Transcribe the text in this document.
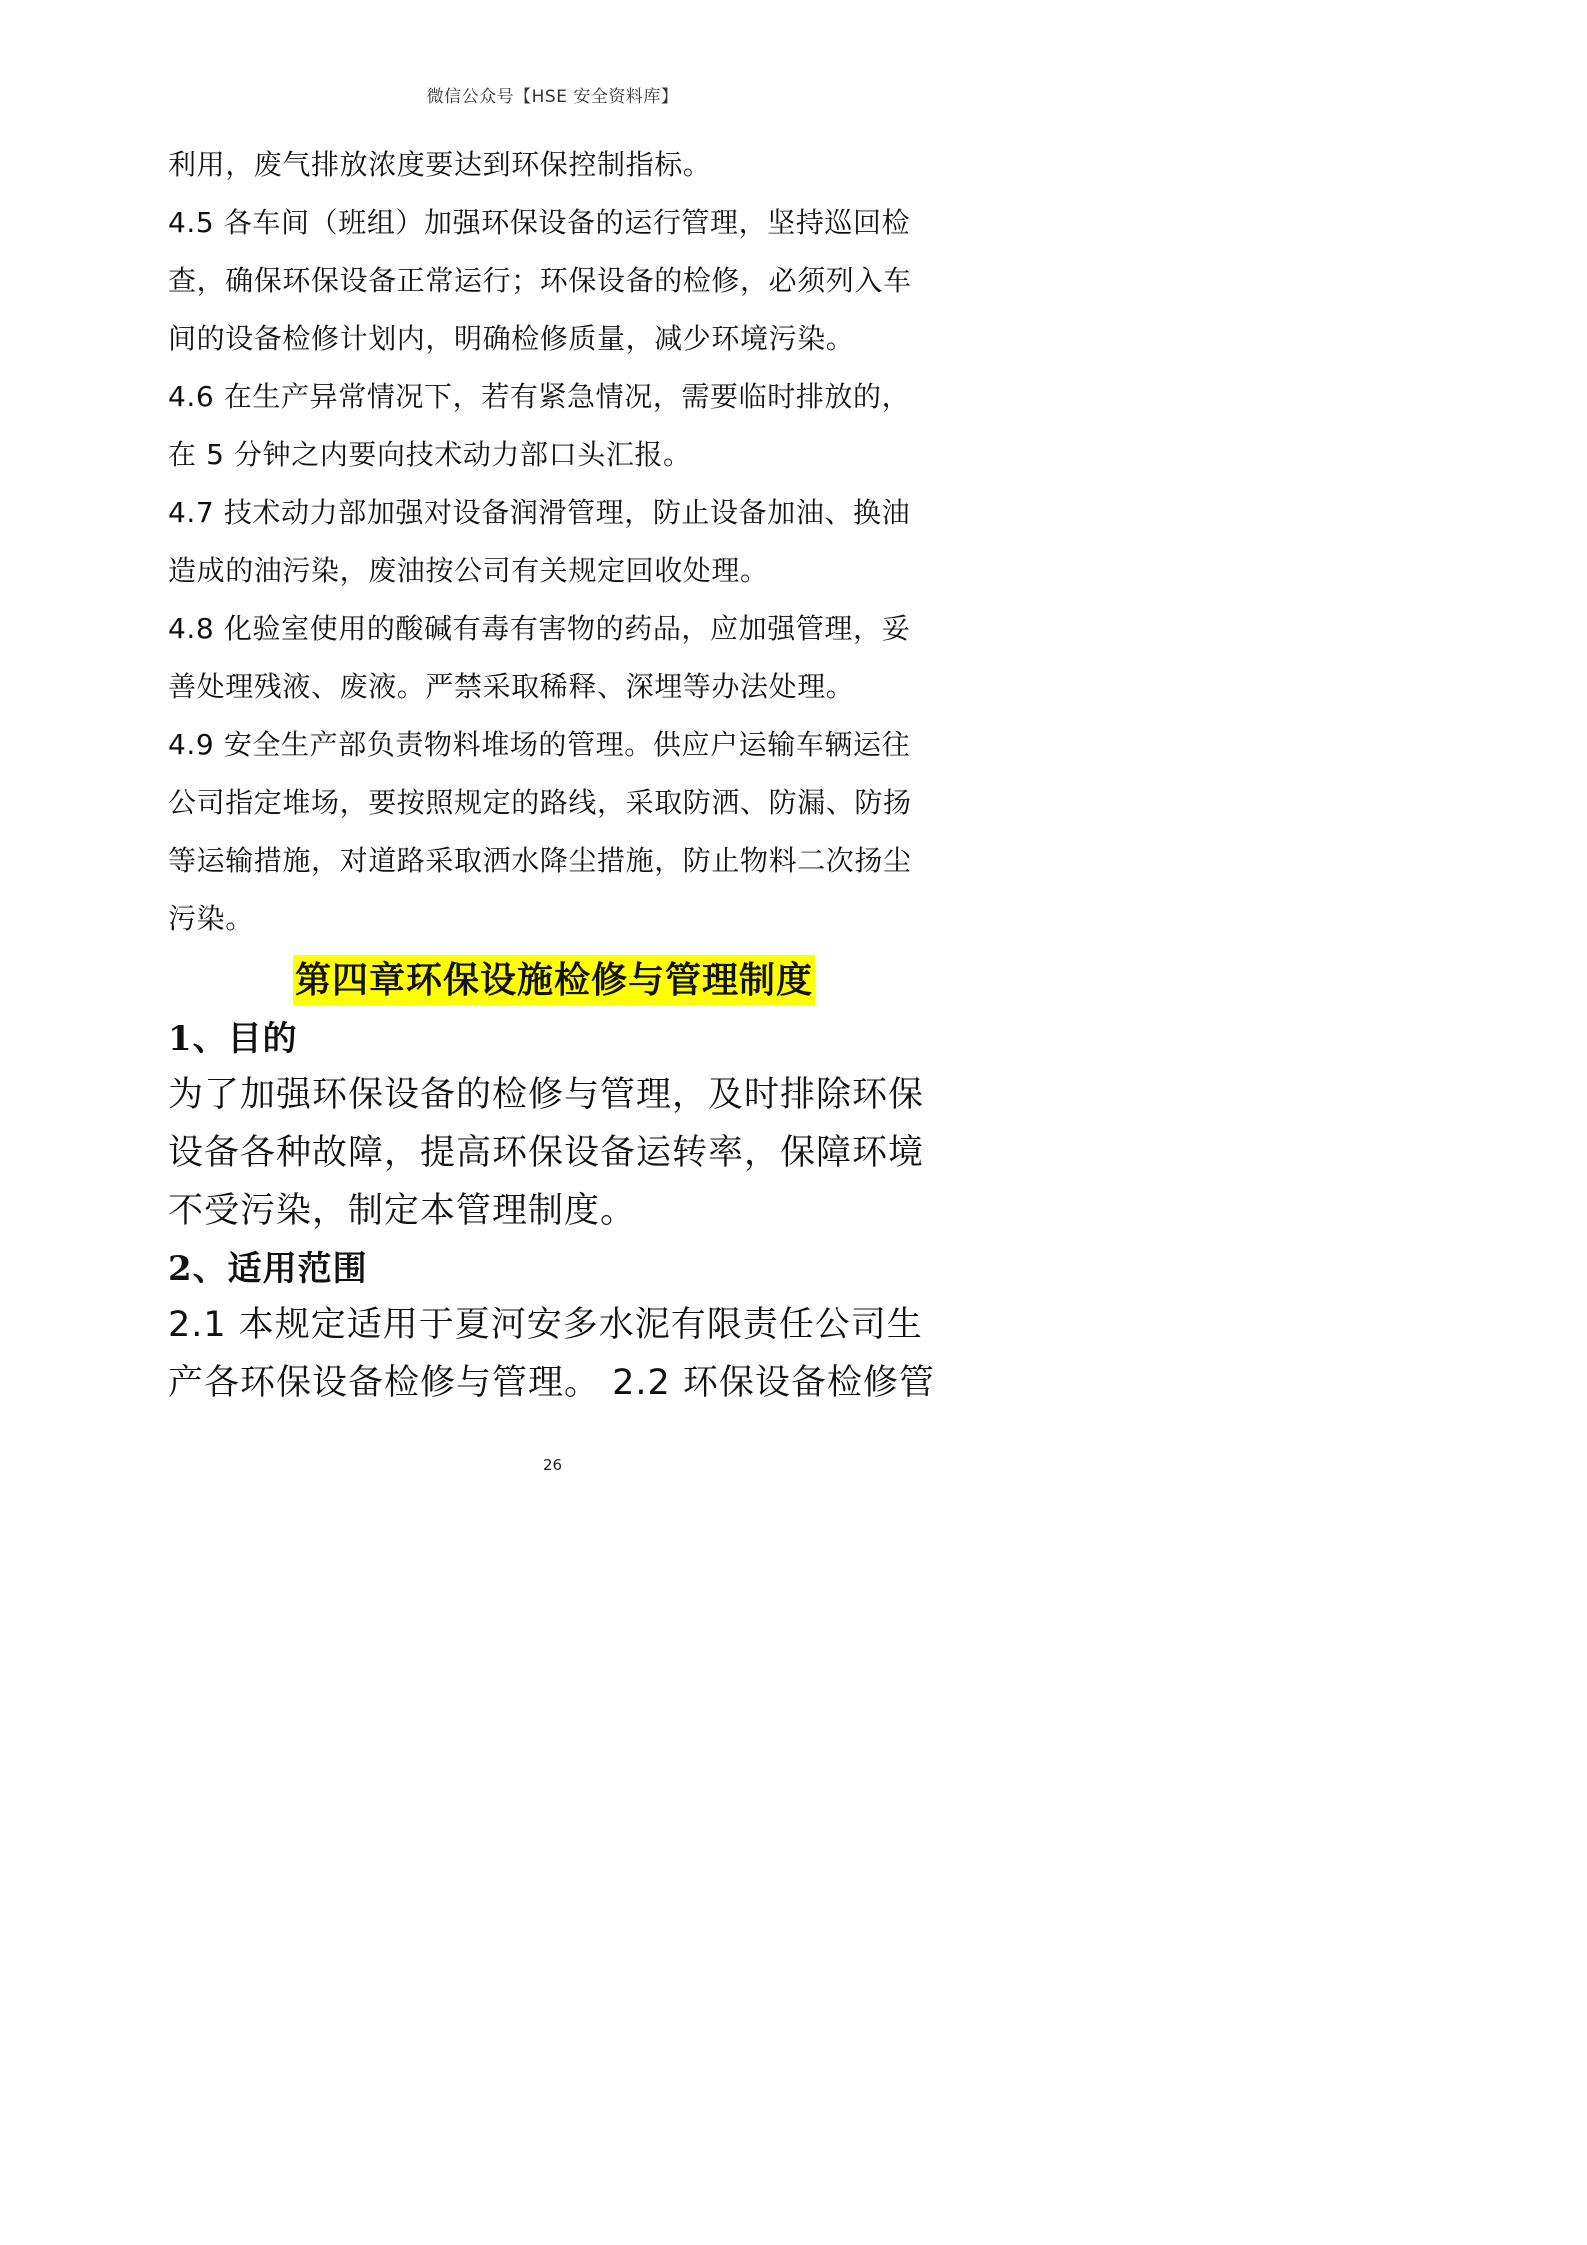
微信公众号【HSE 安全资料库】

利用，废气排放浓度要达到环保控制指标。

4.5 各车间（班组）加强环保设备的运行管理，坚持巡回检
查，确保环保设备正常运行；环保设备的检修，必须列入车
间的设备检修计划内，明确检修质量，减少环境污染。

4.6 在生产异常情况下，若有紧急情况，需要临时排放的，
在 5 分钟之内要向技术动力部口头汇报。

4.7 技术动力部加强对设备润滑管理，防止设备加油、换油
造成的油污染，废油按公司有关规定回收处理。

4.8 化验室使用的酸碱有毒有害物的药品，应加强管理，妥
善处理残液、废液。严禁采取稀释、深埋等办法处理。

4.9 安全生产部负责物料堆场的管理。供应户运输车辆运往
公司指定堆场，要按照规定的路线，采取防洒、防漏、防扬
等运输措施，对道路采取洒水降尘措施，防止物料二次扬尘
污染。

第四章环保设施检修与管理制度
1、目的

为了加强环保设备的检修与管理，及时排除环保
设备各种故障，提高环保设备运转率，保障环境
不受污染，制定本管理制度。

2、适用范围

2.1 本规定适用于夏河安多水泥有限责任公司生
产各环保设备检修与管理。 2.2 环保设备检修管

26
